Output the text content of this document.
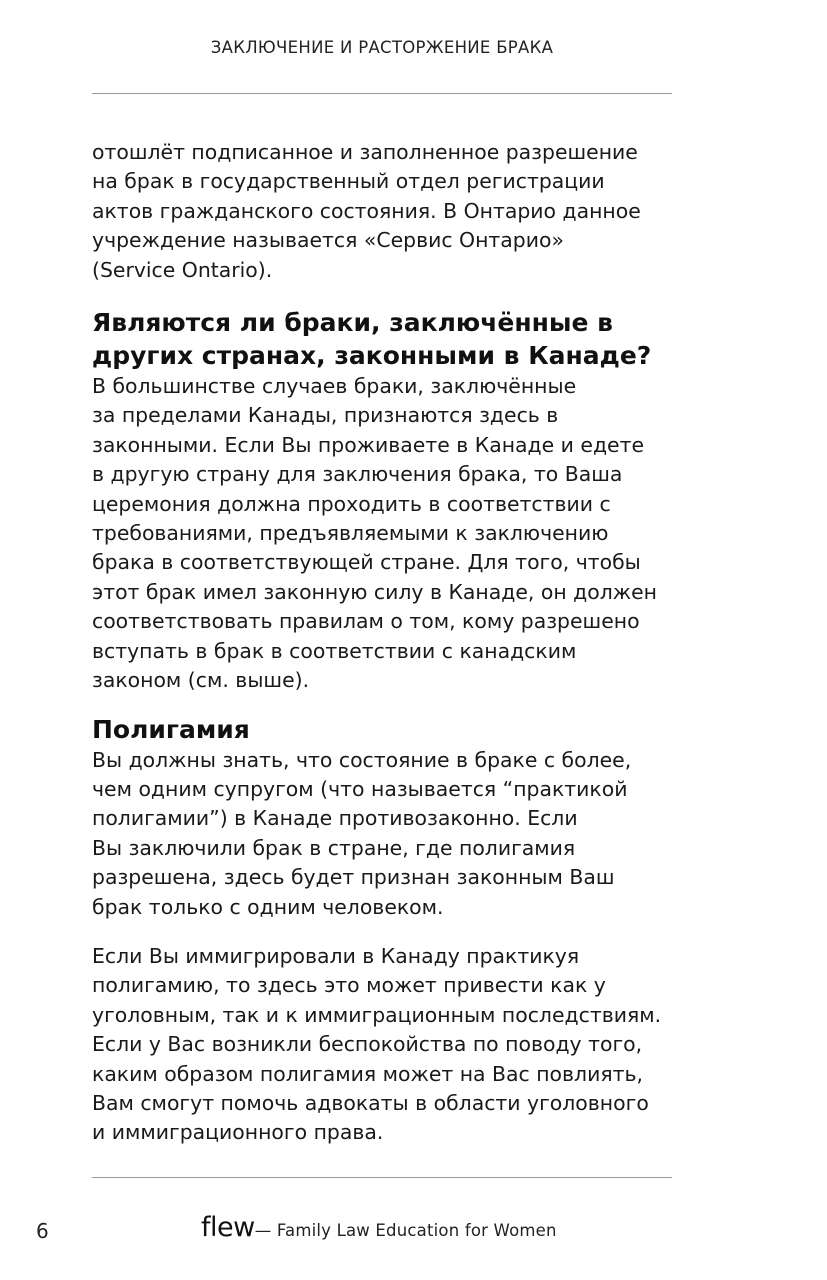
ЗАКЛЮЧЕНИЕ И РАСТОРЖЕНИЕ БРАКА

отошлёт подписанное и заполненное разрешение
на брак в государственный отдел регистрации
актов гражданского состояния. В Онтарио данное
учреждение называется «Сервис Онтарио»
(Service Ontario).

Являются ли браки, заключённые в
других странах, законными в Канаде?

В большинстве случаев браки, заключённые
за пределами Канады, признаются здесь в
законными. Если Вы проживаете в Канаде и едете
в другую страну для заключения брака, то Ваша
церемония должна проходить в соответствии с
требованиями, предъявляемыми к заключению
брака в соответствующей стране. Для того, чтобы
этот брак имел законную силу в Канаде, он должен
соответствовать правилам о том, кому разрешено
вступать в брак в соответствии с канадским
законом (см. выше).

Полигамия

Вы должны знать, что состояние в браке с более,
чем одним супругом (что называется “практикой
полигамии”) в Канаде противозаконно. Если
Вы заключили брак в стране, где полигамия
разрешена, здесь будет признан законным Ваш
брак только с одним человеком.

Если Вы иммигрировали в Канаду практикуя
полигамию, то здесь это может привести как у
уголовным, так и к иммиграционным последствиям.
Если у Вас возникли беспокойства по поводу того,
каким образом полигамия может на Вас повлиять,
Вам смогут помочь адвокаты в области уголовного
и иммиграционного права.

6	flew— Family Law Education for Women
